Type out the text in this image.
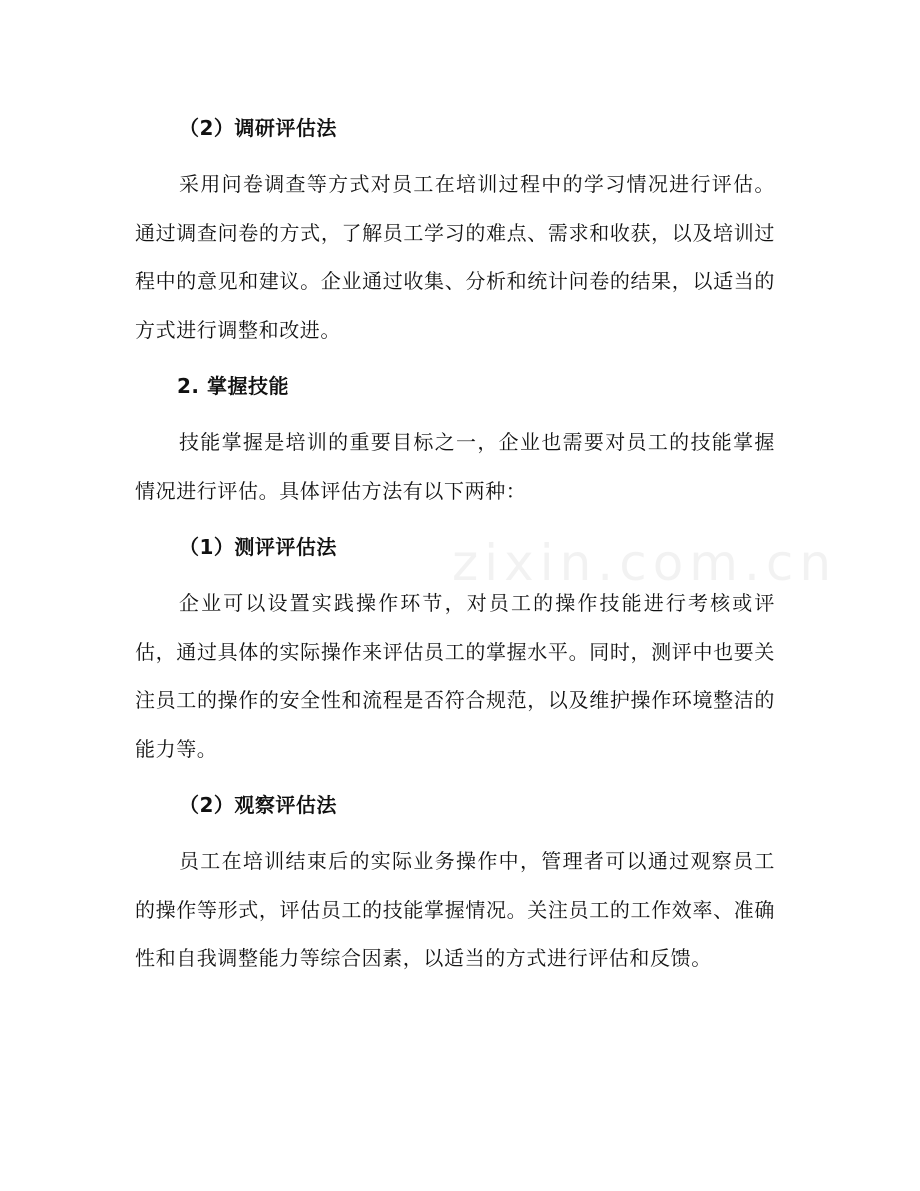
（2）调研评估法
采用问卷调查等方式对员工在培训过程中的学习情况进行评估。通过调查问卷的方式，了解员工学习的难点、需求和收获，以及培训过程中的意见和建议。企业通过收集、分析和统计问卷的结果，以适当的方式进行调整和改进。
2. 掌握技能
技能掌握是培训的重要目标之一，企业也需要对员工的技能掌握情况进行评估。具体评估方法有以下两种：
（1）测评评估法
企业可以设置实践操作环节，对员工的操作技能进行考核或评估，通过具体的实际操作来评估员工的掌握水平。同时，测评中也要关注员工的操作的安全性和流程是否符合规范，以及维护操作环境整洁的能力等。
（2）观察评估法
员工在培训结束后的实际业务操作中，管理者可以通过观察员工的操作等形式，评估员工的技能掌握情况。关注员工的工作效率、准确性和自我调整能力等综合因素，以适当的方式进行评估和反馈。
zixin.com.cn
